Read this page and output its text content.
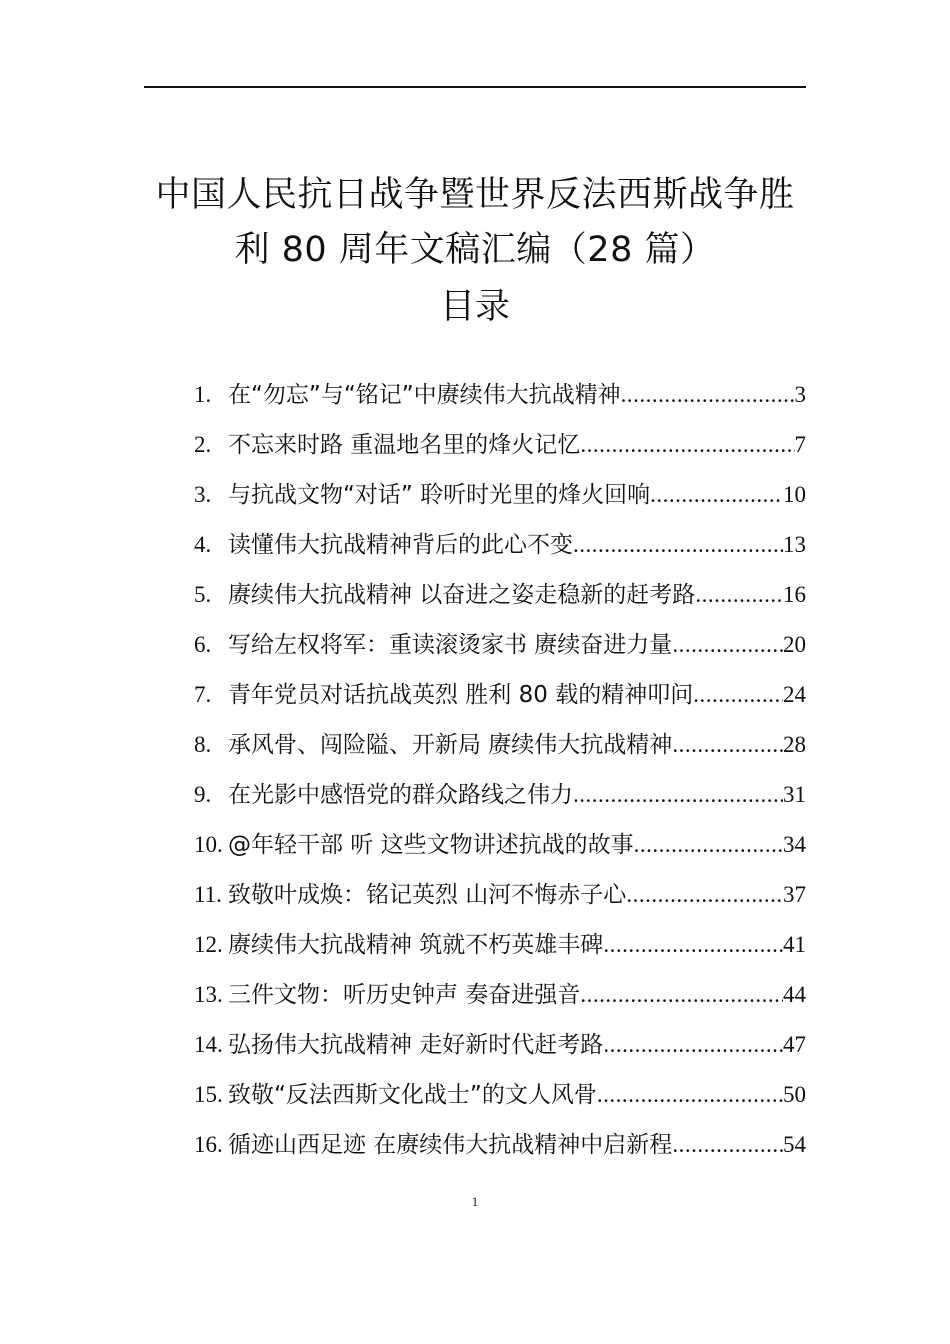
中国人民抗日战争暨世界反法西斯战争胜
利 80 周年文稿汇编（28 篇）
目录
1. 在“勿忘”与“铭记”中赓续伟大抗战精神 .....	3
2. 不忘来时路 重温地名里的烽火记忆 .....	7
3. 与抗战文物“对话” 聆听时光里的烽火回响 .....	10
4. 读懂伟大抗战精神背后的此心不变 .....	13
5. 赓续伟大抗战精神 以奋进之姿走稳新的赶考路 .....	16
6. 写给左权将军：重读滚烫家书 赓续奋进力量 .....	20
7. 青年党员对话抗战英烈 胜利 80 载的精神叩问 .....	24
8. 承风骨、闯险隘、开新局 赓续伟大抗战精神 .....	28
9. 在光影中感悟党的群众路线之伟力 .....	31
10. @年轻干部 听 这些文物讲述抗战的故事 .....	34
11. 致敬叶成焕：铭记英烈 山河不悔赤子心 .....	37
12. 赓续伟大抗战精神 筑就不朽英雄丰碑 .....	41
13. 三件文物：听历史钟声 奏奋进强音 .....	44
14. 弘扬伟大抗战精神 走好新时代赶考路 .....	47
15. 致敬“反法西斯文化战士”的文人风骨 .....	50
16. 循迹山西足迹 在赓续伟大抗战精神中启新程 .....	54
1
